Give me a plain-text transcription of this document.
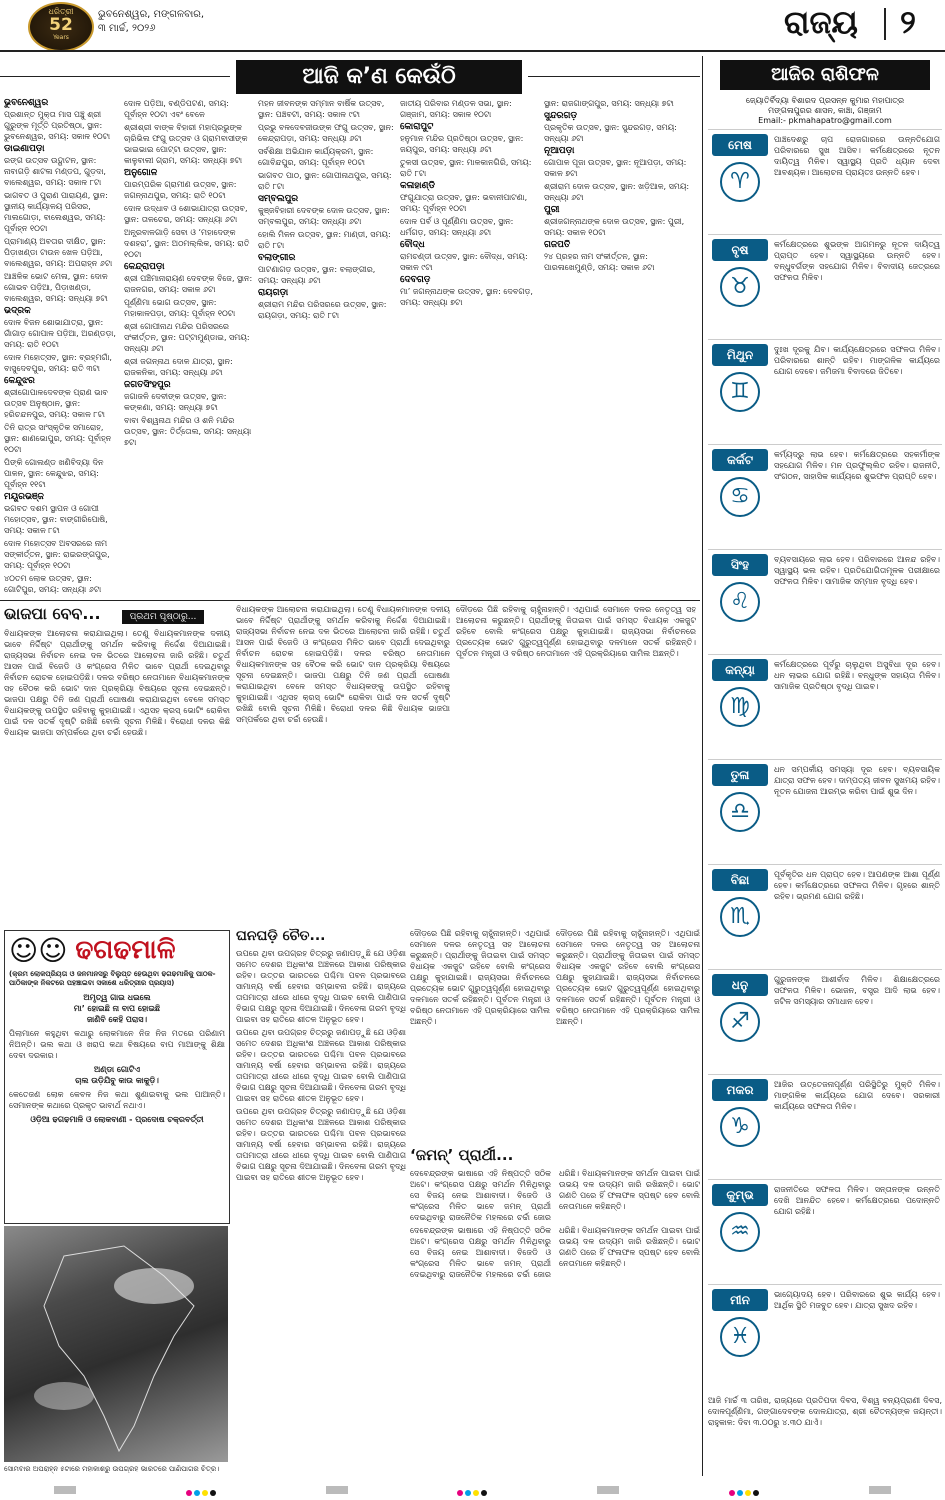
ଧରିତ୍ରୀ
52
Years
ଭୁବନେଶ୍ୱର, ମଙ୍ଗଳବାର,
୩ ମାର୍ଚ୍ଚ, ୨୦୨୬	ରାଜ୍ୟ ୨
ଆଜି କ’ଣ କେଉଁଠି
ଭୁବନେଶ୍ୱର
ପ୍ରଶାନ୍ତ ମୁକ୍ତା ମାସ ପଞ୍ଚୁ ଶ୍ରୀ ଗୁରୁଙ୍କ ମୂର୍ତ୍ତି ପ୍ରତିଷ୍ଠା, ସ୍ଥାନ: ଭୁବନେଶ୍ୱର, ସମୟ: ସକାଳ ୧୦ଟା
ଡାଇଣାପଡ଼ା
ରଙ୍ଗ ଉତ୍ସବ ଉଦ୍ଘାଟନ, ସ୍ଥାନ: ନାବାଗଡ଼ି ଶାଟଳା ମଣ୍ଡପ, ଗୁଡ଼ଦା, ବାଲେଶ୍ୱର, ସମୟ: ସକାଳ ୮ଟା
ଭାଗବତ ଓ ପୁରାଣ ପାରାୟଣ, ସ୍ଥାନ: ସ୍ଥାନୀୟ କାର୍ଯ୍ୟାଳୟ ପରିସର, ମାଲଗୋଡ଼ା, ବାଲେଶ୍ୱର, ସମୟ: ପୂର୍ବାହ୍ନ ୧୦ଟା
ପ୍ରାମାଣ୍ୟ ଅବତାର ଦୀକ୍ଷିତ, ସ୍ଥାନ: ପିଡ଼ାଖଣ୍ଡା ଟାଉନ ଖେଳ ପଡ଼ିଆ, ବାଲେଶ୍ୱର, ସମୟ: ଅପରାହ୍ନ ୬ଟା
ଆଞ୍ଚଳିକ ଭୋଟ ମେଳା, ସ୍ଥାନ: ଦୋଳ ଗୋଭବ ପଡ଼ିଆ, ପିଡ଼ାଖଣ୍ଡା, ବାଲେଶ୍ୱର, ସମୟ: ସନ୍ଧ୍ୟା ୭ଟା
ଭଦ୍ରକ
ଦୋଳ ବିଜନ ଶୋଭାଯାତ୍ରା, ସ୍ଥାନ: ଗାଁଗାଡ଼ ଗୋପାଳ ପଡ଼ିଆ, ଅରଣ୍ଡଡ଼ା, ସମୟ: ରାତି ୧୦ଟା
ଦୋଳ ମହୋତ୍ସବ, ସ୍ଥାନ: ବ୍ରହ୍ମଗାଁ, ବାସୁଦେବପୁର, ସମୟ: ରାତି ୩ଟା
କେନ୍ଦୁଝର
ଶ୍ରୀଗୋପାଳଦେବଙ୍କ ପ୍ରାଣ ଭାବ ଉତ୍ସବ ଅନୁଷ୍ଠାନ, ସ୍ଥାନ: ହରିଚନ୍ଦନପୁର, ସମୟ: ସକାଳ ୮ଟା
ତିନି ରାତ୍ର ସାଂସ୍କୃତିକ ସମାରୋହ, ସ୍ଥାନ: ଶାଣଭୋପୁର, ସମୟ: ପୂର୍ବାହ୍ନ ୧୦ଟା
ପିଙ୍କି ଗୋଲଣ୍ଡ ଖଣିବିଦ୍ୟା ଦିନ ପାଳନ, ସ୍ଥାନ: କେନ୍ଦୁଝର, ସମୟ: ପୂର୍ବାହ୍ନ ୧୧ଟା
ମୟୂରଭଞ୍ଜ
ଭଗବତ ଦଶମ ସ୍ଥାପନ ଓ ଗୋପୀ ମହୋତ୍ସବ, ସ୍ଥାନ: ବାଙ୍ଗୀରିପୋଷି, ସମୟ: ସକାଳ ୮ଟା
ଦୋଳ ମହୋତ୍ସବ ଅବସରରେ ନାମ ସଙ୍କୀର୍ତ୍ତନ, ସ୍ଥାନ: ରାଇରଙ୍ଗପୁର, ସମୟ: ପୂର୍ବାହ୍ନ ୧୦ଟା
୪୦ତମ ଲୋକ ଉତ୍ସବ, ସ୍ଥାନ: ଗୋଟିପୁର, ସମୟ: ସନ୍ଧ୍ୟା ୬ଟା
ଦୋଳ ପଡ଼ିଆ, ବଣ୍ଡିପଟଣ, ସମୟ: ପୂର୍ବାହ୍ନ ୧୦ଟା ଏବଂ ବେଳେ
ଶ୍ରୀଶ୍ରୀ ବାଙ୍କ ବିହାରୀ ମହାପ୍ରଭୁଙ୍କ ଚାରିଭିଲ ଫଗୁ ଉତ୍ସବ ଓ ଗ୍ରାମବାସୀଙ୍କ ଭାଇଭାଇ ପୋଟ୍ଟା ଉତ୍ସବ, ସ୍ଥାନ: କାଳୁବାଲୀ ଗ୍ରାମ, ସମୟ: ସନ୍ଧ୍ୟା ୭ଟା
ଅନୁଗୋଳ
ପାରମ୍ପରିକ ଗ୍ରାମୀଣ ଉତ୍ସବ, ସ୍ଥାନ: ଜଗନ୍ନାଥପୁର, ସମୟ: ରାତି ୧୦ଟା
ଦୋଳ ଉଦ୍ଧାବ ଓ ଶୋଭାଯାତ୍ରା ଉତ୍ସବ, ସ୍ଥାନ: ତାଳଚେର, ସମୟ: ସନ୍ଧ୍ୟା ୬ଟା
ଅନ୍ଧ୍ରବାଳଗାଡ଼ି ସେବା ଓ ‘ମହାଦେଙ୍କ ଦଶହରା’, ସ୍ଥାନ: ଅଠମଲ୍ଲିକ, ସମୟ: ରାତି ୧୦ଟା
କେନ୍ଦ୍ରାପଡ଼ା
ଶ୍ରୀ ପଞ୍ଚିମାନାରାୟଣ ଦେବଙ୍କ ବିଜେ, ସ୍ଥାନ: ରାଜନଗର, ସମୟ: ସକାଳ ୬ଟା
ପୂର୍ଣ୍ଣିମା ଭୋଗ ଉତ୍ସବ, ସ୍ଥାନ: ମହାକାଳପଡ଼ା, ସମୟ: ପୂର୍ବାହ୍ନ ୧୦ଟା
ଶ୍ରୀ ଗୋପୀନାଥ ମନ୍ଦିର ପରିସରରେ ସଂକୀର୍ତ୍ତନ, ସ୍ଥାନ: ପଟ୍ଟାମୁଣ୍ଡାଇ, ସମୟ: ସନ୍ଧ୍ୟା ୬ଟା
ଶ୍ରୀ ଜଗନ୍ନାଥ ଦୋଳ ଯାତ୍ରା, ସ୍ଥାନ: ରାଜକନିକା, ସମୟ: ସନ୍ଧ୍ୟା ୬ଟା
ଜଗତସିଂହପୁର
ଜଗାଜଳି ଦେବୀଙ୍କ ଉତ୍ସବ, ସ୍ଥାନ: କଙ୍କଣା, ସମୟ: ସନ୍ଧ୍ୟା ୭ଟା
ବାବା ବିଶ୍ୱନାଥ ମନ୍ଦିର ଓ ଶନି ମନ୍ଦିର ଉତ୍ସବ, ସ୍ଥାନ: ତିର୍ତ୍ତୋଲ, ସମୟ: ସନ୍ଧ୍ୟା ୭ଟା
ମହନ ଜୀବନଙ୍କ ସମ୍ମାନ ବାର୍ଷିକ ଉତ୍ସବ, ସ୍ଥାନ: ପଞ୍ଚବଟୀ, ସମୟ: ସକାଳ ୯ଟା
ପ୍ରଭୁ ବଳଦେବଜୀଉଙ୍କ ଫଗୁ ଉତ୍ସବ, ସ୍ଥାନ: କେନ୍ଦ୍ରାପଡ଼ା, ସମୟ: ସନ୍ଧ୍ୟା ୬ଟା
ସର୍ବଶିକ୍ଷା ଅଭିଯାନ କାର୍ଯ୍ୟକ୍ରମ, ସ୍ଥାନ: ଗୋବିନ୍ଦପୁର, ସମୟ: ପୂର୍ବାହ୍ନ ୧୦ଟା
ଭାଗବତ ପାଠ, ସ୍ଥାନ: ଗୋପୀନାଥପୁର, ସମୟ: ରାତି ୮ଟା
ସମ୍ବଲପୁର
କୁଞ୍ଜବିହାରୀ ଦେବଙ୍କ ଦୋଳ ଉତ୍ସବ, ସ୍ଥାନ: ସମ୍ବଲପୁର, ସମୟ: ସନ୍ଧ୍ୟା ୬ଟା
ହୋଲି ମିଳନ ଉତ୍ସବ, ସ୍ଥାନ: ମାଣ୍ଡୀ, ସମୟ: ରାତି ୮ଟା
ବଲାଙ୍ଗୀର
ପାଟଣାଗଡ଼ ଉତ୍ସବ, ସ୍ଥାନ: ବଲାଙ୍ଗୀର, ସମୟ: ସନ୍ଧ୍ୟା ୬ଟା
ରାୟଗଡ଼ା
ଶ୍ରୀରାମ ମନ୍ଦିର ପରିସରରେ ଉତ୍ସବ, ସ୍ଥାନ: ରାୟଗଡ଼ା, ସମୟ: ରାତି ୮ଟା
ଜାତୀୟ ପରିବାର ମଣ୍ଡଳ ସଭା, ସ୍ଥାନ: ଗଞ୍ଜାମ, ସମୟ: ସକାଳ ୧୦ଟା
କୋରାପୁଟ
ହନୁମାନ ମନ୍ଦିର ପ୍ରତିଷ୍ଠା ଉତ୍ସବ, ସ୍ଥାନ: ଜୟପୁର, ସମୟ: ସନ୍ଧ୍ୟା ୬ଟା
ତୁଳସୀ ଉତ୍ସବ, ସ୍ଥାନ: ମାଳକାନଗିରି, ସମୟ: ରାତି ୮ଟା
କଳାହାଣ୍ଡି
ଫଗୁଯାତ୍ରା ଉତ୍ସବ, ସ୍ଥାନ: ଭବାନୀପାଟଣା, ସମୟ: ପୂର୍ବାହ୍ନ ୧୦ଟା
ଦୋଳ ପର୍ବ ଓ ପୂର୍ଣ୍ଣିମା ଉତ୍ସବ, ସ୍ଥାନ: ଧର୍ମଗଡ଼, ସମୟ: ସନ୍ଧ୍ୟା ୬ଟା
ବୌଦ୍ଧ
ରାମଚଣ୍ଡୀ ଉତ୍ସବ, ସ୍ଥାନ: ବୌଦ୍ଧ, ସମୟ: ସକାଳ ୯ଟା
ଦେବଗଡ଼
ମା’ ଜଗନ୍ନାଥଙ୍କ ଉତ୍ସବ, ସ୍ଥାନ: ଦେବଗଡ଼, ସମୟ: ସନ୍ଧ୍ୟା ୭ଟା
ସ୍ଥାନ: ରାଜଗାଙ୍ଗପୁର, ସମୟ: ସନ୍ଧ୍ୟା ୭ଟା
ସୁନ୍ଦରଗଡ଼
ପ୍ରକୃତିକ ଉତ୍ସବ, ସ୍ଥାନ: ସୁନ୍ଦରଗଡ଼, ସମୟ: ସନ୍ଧ୍ୟା ୬ଟା
ନୂଆପଡ଼ା
ଗୋପାଳ ପୂଜା ଉତ୍ସବ, ସ୍ଥାନ: ନୂଆପଡ଼ା, ସମୟ: ସକାଳ ୭ଟା
ଶ୍ରୀରାମ ଦୋଳ ଉତ୍ସବ, ସ୍ଥାନ: ଖଡ଼ିଆଳ, ସମୟ: ସନ୍ଧ୍ୟା ୬ଟା
ପୁରୀ
ଶ୍ରୀଜଗନ୍ନାଥଙ୍କ ଦୋଳ ଉତ୍ସବ, ସ୍ଥାନ: ପୁରୀ, ସମୟ: ସକାଳ ୧୦ଟା
ଗଜପତି
୨୪ ପ୍ରହର ନାମ ସଂକୀର୍ତ୍ତନ, ସ୍ଥାନ: ପାରଳାଖେମୁଣ୍ଡି, ସମୟ: ସକାଳ ୬ଟା
ଆଜିର ରାଶିଫଳ
ଜ୍ୟୋତିର୍ବିଦ୍ୟା ବିଶାରଦ ପ୍ରସନ୍ନ କୁମାର ମହାପାତ୍ର
ମଙ୍ଗଳାପୁରର ଶାସନ, କାଞ୍ଚା, ଗଞ୍ଜାମ
Email:- pkmahapatro@gmail.com
ମେଷ
♈
ପାଞ୍ଚଦେଶରୁ ଚାପ ରୋଜଗାରରେ ଉନ୍ନତିଯୋଗ ପରିବାରରେ ସୁଖ ଆସିବ। କର୍ମକ୍ଷେତ୍ରରେ ନୂତନ ଦାୟିତ୍ୱ ମିଳିବ। ସ୍ୱାସ୍ଥ୍ୟ ପ୍ରତି ଧ୍ୟାନ ଦେବା ଆବଶ୍ୟକ। ଆଲୋଚନା ପ୍ରାୟତଃ ଉନ୍ନତି ହେବ।
ବୃଷ
♉
କର୍ମକ୍ଷେତ୍ରରେ ଶୁଭଙ୍କ ଆଗମନରୁ ନୂତନ ଦାୟିତ୍ୱ ପ୍ରାପ୍ତ ହେବ। ସ୍ୱାସ୍ଥ୍ୟରେ ଉନ୍ନତି ହେବ। ବନ୍ଧୁବର୍ଗଙ୍କ ସହଯୋଗ ମିଳିବ। ବିବାଦୀୟ ଜେତ୍ରରେ ସଫଳତା ମିଳିବ।
ମିଥୁନ
♊
ଦୁଃଖ ଦୂରକୁ ଯିବ। କାର୍ଯ୍ୟକ୍ଷେତ୍ରରେ ସଫଳତା ମିଳିବ। ପରିବାରରେ ଶାନ୍ତି ରହିବ। ମାଙ୍ଗଳିକ କାର୍ଯ୍ୟରେ ଯୋଗ ଦେବେ। ଜମିଜମା ବିବାଦରେ ଜିତିବେ।
କର୍କଟ
♋
କର୍ମ୍ୟଦ୍ରୁ ଲାଭ ହେବ। କର୍ମକ୍ଷେତ୍ରରେ ସହକର୍ମୀଙ୍କ ସହଯୋଗ ମିଳିବ। ମନ ପ୍ରଫୁଲ୍ଲିତ ରହିବ। ରାଜନୀତି, ସଂଗଠନ, ସାହାସିକ କାର୍ଯ୍ୟରେ ଶୁଭଫଳ ପ୍ରାପ୍ତି ହେବ।
ସିଂହ
♌
ବ୍ୟବସାୟରେ ଲାଭ ହେବ। ପରିବାରରେ ଆନନ୍ଦ ରହିବ। ସ୍ୱାସ୍ଥ୍ୟ ଭଲ ରହିବ। ପ୍ରତିଯୋଗିତାମୂଳକ ପରୀକ୍ଷାରେ ସଫଳତା ମିଳିବ। ସାମାଜିକ ସମ୍ମାନ ବୃଦ୍ଧି ହେବ।
କନ୍ୟା
♍
କର୍ମକ୍ଷେତ୍ରରେ ପୂର୍ବରୁ ଚାଲୁଥିବା ଅସୁବିଧା ଦୂର ହେବ। ଧନ ଲାଭର ଯୋଗ ରହିଛି। ବନ୍ଧୁଙ୍କ ସହାୟତା ମିଳିବ। ସାମାଜିକ ପ୍ରତିଷ୍ଠା ବୃଦ୍ଧି ପାଇବ।
ତୁଳା
♎
ଧନ ସମ୍ପର୍କୀୟ ସମସ୍ୟା ଦୂର ହେବ। ବ୍ୟବସାୟିକ ଯାତ୍ରା ସଫଳ ହେବ। ଦାମ୍ପତ୍ୟ ଜୀବନ ସୁଖମୟ ରହିବ। ନୂତନ ଯୋଜନା ଆରମ୍ଭ କରିବା ପାଇଁ ଶୁଭ ଦିନ।
ବିଛା
♏
ପୂର୍ବକୃତିର ଧନ ପ୍ରାପ୍ତ ହେବ। ଆପଣଙ୍କ ଆଶା ପୂର୍ଣ୍ଣ ହେବ। କର୍ମକ୍ଷେତ୍ରରେ ସଫଳତା ମିଳିବ। ଗୃହରେ ଶାନ୍ତି ରହିବ। ଭ୍ରମଣ ଯୋଗ ରହିଛି।
ଧନୁ
♐
ଗୁରୁଜନଙ୍କ ଆଶୀର୍ବାଦ ମିଳିବ। ଶିକ୍ଷାକ୍ଷେତ୍ରରେ ସଫଳତା ମିଳିବ। ଭୋଜନ, ବସ୍ତ୍ର ଆଦି ଲାଭ ହେବ। ଜଟିଳ ସମସ୍ୟାର ସମାଧାନ ହେବ।
ମକର
♑
ଆଜିର ଉତ୍ତେଜନାପୂର୍ଣ୍ଣ ପରିସ୍ଥିତିରୁ ମୁକ୍ତି ମିଳିବ। ମାଙ୍ଗଳିକ କାର୍ଯ୍ୟରେ ଯୋଗ ଦେବେ। ସରକାରୀ କାର୍ଯ୍ୟରେ ସଫଳତା ମିଳିବ।
କୁମ୍ଭ
♒
ରାଜନୀତିରେ ସଫଳତା ମିଳିବ। ସନ୍ତାନଙ୍କ ଉନ୍ନତି ଦେଖି ଆନନ୍ଦିତ ହେବେ। କର୍ମକ୍ଷେତ୍ରରେ ପଦୋନ୍ନତି ଯୋଗ ରହିଛି।
ମୀନ
♓
ଭାଗ୍ୟୋଦୟ ହେବ। ପରିବାରରେ ଶୁଭ କାର୍ଯ୍ୟ ହେବ। ଆର୍ଥିକ ସ୍ଥିତି ମଜବୁତ ହେବ। ଯାତ୍ରା ସୁଖଦ ରହିବ।
ଆଜି ମାର୍ଚ୍ଚ ୩ ତାରିଖ, ରାଜ୍ୟରେ ପ୍ରତିପଦା ଦିବସ, ବିଶ୍ୱ ବନ୍ୟପ୍ରାଣୀ ଦିବସ, ଦୋଳପୂର୍ଣ୍ଣିମା, ଗଙ୍ଗାଦେବଙ୍କ ଦୋଳଯାତ୍ରା, ଶ୍ରୀ ଚୈତନ୍ୟଙ୍କ ଜୟନ୍ତୀ। ରାହୁକାଳ: ଦିବା ୩.୦୦ରୁ ୪.୩୦ ଯାଏଁ।
ଭାଜପା ବେବ...	ପ୍ରଥମ ପୃଷ୍ଠାରୁ...
ବିଧାୟକଙ୍କ ଆଲୋଚନା କରାଯାଇଥିଲା। ତେଣୁ ବିଧାୟକମାନଙ୍କ ଦଳୀୟ ଭାବେ ନିର୍ଦ୍ଦିଷ୍ଟ ପ୍ରାର୍ଥୀଙ୍କୁ ସମର୍ଥନ କରିବାକୁ ନିର୍ଦ୍ଦେଶ ଦିଆଯାଇଛି। ରାଜ୍ୟସଭା ନିର୍ବାଚନ ନେଇ ଦଳ ଭିତରେ ଆଲୋଚନା ଜାରି ରହିଛି। ଚତୁର୍ଥ ଆସନ ପାଇଁ ବିଜେଡି ଓ କଂଗ୍ରେସ ମିଳିତ ଭାବେ ପ୍ରାର୍ଥୀ ଦେଇଥିବାରୁ ନିର୍ବାଚନ ରୋଚକ ହୋଇପଡ଼ିଛି। ଦଳର ବରିଷ୍ଠ ନେତାମାନେ ବିଧାୟକମାନଙ୍କ ସହ ବୈଠକ କରି ଭୋଟ ଦାନ ପ୍ରକ୍ରିୟା ବିଷୟରେ ସୂଚନା ଦେଇଛନ୍ତି। ଭାଜପା ପକ୍ଷରୁ ତିନି ଜଣ ପ୍ରାର୍ଥୀ ଘୋଷଣା କରାଯାଇଥିବା ବେଳେ ସମସ୍ତ ବିଧାୟକଙ୍କୁ ଉପସ୍ଥିତ ରହିବାକୁ କୁହାଯାଇଛି। ଏଥିସହ କ୍ରସ୍ ଭୋଟିଂ ରୋକିବା ପାଇଁ ଦଳ ସତର୍କ ଦୃଷ୍ଟି ରଖିଛି ବୋଲି ସୂଚନା ମିଳିଛି। ବିରୋଧୀ ଦଳର କିଛି ବିଧାୟକ ଭାଜପା ସମ୍ପର୍କରେ ଥିବା ଚର୍ଚ୍ଚା ହେଉଛି।
ବିଧାୟକଙ୍କ ଆଲୋଚନା କରାଯାଇଥିଲା। ତେଣୁ ବିଧାୟକମାନଙ୍କ ଦଳୀୟ ଭାବେ ନିର୍ଦ୍ଦିଷ୍ଟ ପ୍ରାର୍ଥୀଙ୍କୁ ସମର୍ଥନ କରିବାକୁ ନିର୍ଦ୍ଦେଶ ଦିଆଯାଇଛି। ରାଜ୍ୟସଭା ନିର୍ବାଚନ ନେଇ ଦଳ ଭିତରେ ଆଲୋଚନା ଜାରି ରହିଛି। ଚତୁର୍ଥ ଆସନ ପାଇଁ ବିଜେଡି ଓ କଂଗ୍ରେସ ମିଳିତ ଭାବେ ପ୍ରାର୍ଥୀ ଦେଇଥିବାରୁ ନିର୍ବାଚନ ରୋଚକ ହୋଇପଡ଼ିଛି। ଦଳର ବରିଷ୍ଠ ନେତାମାନେ ବିଧାୟକମାନଙ୍କ ସହ ବୈଠକ କରି ଭୋଟ ଦାନ ପ୍ରକ୍ରିୟା ବିଷୟରେ ସୂଚନା ଦେଇଛନ୍ତି। ଭାଜପା ପକ୍ଷରୁ ତିନି ଜଣ ପ୍ରାର୍ଥୀ ଘୋଷଣା କରାଯାଇଥିବା ବେଳେ ସମସ୍ତ ବିଧାୟକଙ୍କୁ ଉପସ୍ଥିତ ରହିବାକୁ କୁହାଯାଇଛି। ଏଥିସହ କ୍ରସ୍ ଭୋଟିଂ ରୋକିବା ପାଇଁ ଦଳ ସତର୍କ ଦୃଷ୍ଟି ରଖିଛି ବୋଲି ସୂଚନା ମିଳିଛି। ବିରୋଧୀ ଦଳର କିଛି ବିଧାୟକ ଭାଜପା ସମ୍ପର୍କରେ ଥିବା ଚର୍ଚ୍ଚା ହେଉଛି।
ଦୌଡ଼ରେ ପିଛି ରହିବାକୁ ଚାହୁଁନାହାନ୍ତି। ଏଥିପାଇଁ ସେମାନେ ଦଳର ନେତୃତ୍ୱ ସହ ଆଲୋଚନା କରୁଛନ୍ତି। ପ୍ରାର୍ଥୀଙ୍କୁ ଜିତାଇବା ପାଇଁ ସମସ୍ତ ବିଧାୟକ ଏକଜୁଟ ରହିବେ ବୋଲି କଂଗ୍ରେସ ପକ୍ଷରୁ କୁହାଯାଇଛି। ରାଜ୍ୟସଭା ନିର୍ବାଚନରେ ପ୍ରତ୍ୟେକ ଭୋଟ ଗୁରୁତ୍ୱପୂର୍ଣ୍ଣ ହୋଇଥିବାରୁ ଦଳମାନେ ସତର୍କ ରହିଛନ୍ତି। ପୂର୍ବତନ ମନ୍ତ୍ରୀ ଓ ବରିଷ୍ଠ ନେତାମାନେ ଏହି ପ୍ରକ୍ରିୟାରେ ସାମିଲ ଅଛନ୍ତି।
☺☺ ଢଗଢମାଳି
(କ୍ରମ ଲୋକପ୍ରିୟତା ଓ ଜନମାନସରୁ ବିଲୁପ୍ତ ହେଉଥିବା ଢଗଢମାଳିକୁ ପାଠକ-ପାଠିକାଙ୍କ ନିକଟରେ ପହଞ୍ଚାଇବା ସକାଶେ ଧରିତ୍ରୀର ପ୍ରୟାସ)
ଅମୃତ୍ୱ ଗାଇ ଧଇଲେ
ମା’ ହୋଇଛି ନା ବାପ ହୋଇଛି
ଜାଣିବି କେହି ପରାସ।
ପିଲାମାନେ କହୁଥିବା କଥାରୁ ଲୋକମାନେ ନିଜ ନିଜ ମତରେ ପରିଣାମ ନିଅନ୍ତି। ଭଲ କଥା ଓ ଖରାପ କଥା ବିଷୟରେ ବାପ ମାଆଙ୍କୁ ଶିକ୍ଷା ଦେବା ଦରକାର।
ଅଣ୍ଡା ଗୋଟିଏ
ଚାଲ ଉଡ଼ିଯିବୁ କାଉ କାକୁଡ଼ି।
କେତେଜଣ ଲୋକ କେବଳ ନିଜ କଥା ଶୁଣାଇବାକୁ ଭଲ ପାଆନ୍ତି। ସେମାନଙ୍କ କଥାରେ ପ୍ରକୃତ ଭାବାର୍ଥ ନଥାଏ।
ଓଡ଼ିଆ ଢଗଢମାଳି ଓ ଲୋକବାଣୀ - ପ୍ରଦୋଷ ଚକ୍ରବର୍ତ୍ତୀ
ସୋମବାର ଅପରାହ୍ନ ୫ଟାରେ ମହାକାଶରୁ ଉପଗ୍ରହ ଭାରତରେ ପାଣିପାଗର ଚିତ୍ର।
ଘନଘଡ଼ି ଚୈତ...
ଉପରେ ଥିବା ଉପଗ୍ରହ ଚିତ୍ରରୁ ଜଣାପଡ଼ୁଛି ଯେ ଓଡ଼ିଶା ସମେତ ଦେଶର ଅଧିକାଂଶ ଅଞ୍ଚଳରେ ଆକାଶ ପରିଷ୍କାର ରହିବ। ଉତ୍ତର ଭାରତରେ ପଶ୍ଚିମା ପବନ ପ୍ରଭାବରେ ସାମାନ୍ୟ ବର୍ଷା ହେବାର ସମ୍ଭାବନା ରହିଛି। ରାଜ୍ୟରେ ତାପମାତ୍ରା ଧୀରେ ଧୀରେ ବୃଦ୍ଧି ପାଇବ ବୋଲି ପାଣିପାଗ ବିଭାଗ ପକ୍ଷରୁ ସୂଚନା ଦିଆଯାଇଛି। ଦିନବେଳା ଗରମ ବୃଦ୍ଧି ପାଇବା ସହ ରାତିରେ ଶୀତଳ ଅନୁଭୂତ ହେବ।
ଉପରେ ଥିବା ଉପଗ୍ରହ ଚିତ୍ରରୁ ଜଣାପଡ଼ୁଛି ଯେ ଓଡ଼ିଶା ସମେତ ଦେଶର ଅଧିକାଂଶ ଅଞ୍ଚଳରେ ଆକାଶ ପରିଷ୍କାର ରହିବ। ଉତ୍ତର ଭାରତରେ ପଶ୍ଚିମା ପବନ ପ୍ରଭାବରେ ସାମାନ୍ୟ ବର୍ଷା ହେବାର ସମ୍ଭାବନା ରହିଛି। ରାଜ୍ୟରେ ତାପମାତ୍ରା ଧୀରେ ଧୀରେ ବୃଦ୍ଧି ପାଇବ ବୋଲି ପାଣିପାଗ ବିଭାଗ ପକ୍ଷରୁ ସୂଚନା ଦିଆଯାଇଛି। ଦିନବେଳା ଗରମ ବୃଦ୍ଧି ପାଇବା ସହ ରାତିରେ ଶୀତଳ ଅନୁଭୂତ ହେବ।
ଉପରେ ଥିବା ଉପଗ୍ରହ ଚିତ୍ରରୁ ଜଣାପଡ଼ୁଛି ଯେ ଓଡ଼ିଶା ସମେତ ଦେଶର ଅଧିକାଂଶ ଅଞ୍ଚଳରେ ଆକାଶ ପରିଷ୍କାର ରହିବ। ଉତ୍ତର ଭାରତରେ ପଶ୍ଚିମା ପବନ ପ୍ରଭାବରେ ସାମାନ୍ୟ ବର୍ଷା ହେବାର ସମ୍ଭାବନା ରହିଛି। ରାଜ୍ୟରେ ତାପମାତ୍ରା ଧୀରେ ଧୀରେ ବୃଦ୍ଧି ପାଇବ ବୋଲି ପାଣିପାଗ ବିଭାଗ ପକ୍ଷରୁ ସୂଚନା ଦିଆଯାଇଛି। ଦିନବେଳା ଗରମ ବୃଦ୍ଧି ପାଇବା ସହ ରାତିରେ ଶୀତଳ ଅନୁଭୂତ ହେବ।
ଦୌଡ଼ରେ ପିଛି ରହିବାକୁ ଚାହୁଁନାହାନ୍ତି। ଏଥିପାଇଁ ସେମାନେ ଦଳର ନେତୃତ୍ୱ ସହ ଆଲୋଚନା କରୁଛନ୍ତି। ପ୍ରାର୍ଥୀଙ୍କୁ ଜିତାଇବା ପାଇଁ ସମସ୍ତ ବିଧାୟକ ଏକଜୁଟ ରହିବେ ବୋଲି କଂଗ୍ରେସ ପକ୍ଷରୁ କୁହାଯାଇଛି। ରାଜ୍ୟସଭା ନିର୍ବାଚନରେ ପ୍ରତ୍ୟେକ ଭୋଟ ଗୁରୁତ୍ୱପୂର୍ଣ୍ଣ ହୋଇଥିବାରୁ ଦଳମାନେ ସତର୍କ ରହିଛନ୍ତି। ପୂର୍ବତନ ମନ୍ତ୍ରୀ ଓ ବରିଷ୍ଠ ନେତାମାନେ ଏହି ପ୍ରକ୍ରିୟାରେ ସାମିଲ ଅଛନ୍ତି।
‘ଜମନ୍’ ପ୍ରାର୍ଥୀ...
ଦେବେନ୍ଦ୍ରଙ୍କ ଭାଷାରେ ଏହି ନିଷ୍ପତ୍ତି ସଠିକ ଅଟେ। କଂଗ୍ରେସ ପକ୍ଷରୁ ସମର୍ଥନ ମିଳିଥିବାରୁ ସେ ବିଜୟ ନେଇ ଆଶାବାଦୀ। ବିଜେଡି ଓ କଂଗ୍ରେସ ମିଳିତ ଭାବେ ଜମନ୍ ପ୍ରାର୍ଥୀ ଦେଇଥିବାରୁ ରାଜନୈତିକ ମହଲରେ ଚର୍ଚ୍ଚା ଜୋର ଧରିଛି। ବିଧାୟକମାନଙ୍କ ସମର୍ଥନ ପାଇବା ପାଇଁ ଉଭୟ ଦଳ ଉଦ୍ୟମ ଜାରି ରଖିଛନ୍ତି। ଭୋଟ ଗଣତି ପରେ ହିଁ ଫଳାଫଳ ସ୍ପଷ୍ଟ ହେବ ବୋଲି ନେତାମାନେ କହିଛନ୍ତି।
ଦେବେନ୍ଦ୍ରଙ୍କ ଭାଷାରେ ଏହି ନିଷ୍ପତ୍ତି ସଠିକ ଅଟେ। କଂଗ୍ରେସ ପକ୍ଷରୁ ସମର୍ଥନ ମିଳିଥିବାରୁ ସେ ବିଜୟ ନେଇ ଆଶାବାଦୀ। ବିଜେଡି ଓ କଂଗ୍ରେସ ମିଳିତ ଭାବେ ଜମନ୍ ପ୍ରାର୍ଥୀ ଦେଇଥିବାରୁ ରାଜନୈତିକ ମହଲରେ ଚର୍ଚ୍ଚା ଜୋର ଧରିଛି। ବିଧାୟକମାନଙ୍କ ସମର୍ଥନ ପାଇବା ପାଇଁ ଉଭୟ ଦଳ ଉଦ୍ୟମ ଜାରି ରଖିଛନ୍ତି। ଭୋଟ ଗଣତି ପରେ ହିଁ ଫଳାଫଳ ସ୍ପଷ୍ଟ ହେବ ବୋଲି ନେତାମାନେ କହିଛନ୍ତି।
ଦୌଡ଼ରେ ପିଛି ରହିବାକୁ ଚାହୁଁନାହାନ୍ତି। ଏଥିପାଇଁ ସେମାନେ ଦଳର ନେତୃତ୍ୱ ସହ ଆଲୋଚନା କରୁଛନ୍ତି। ପ୍ରାର୍ଥୀଙ୍କୁ ଜିତାଇବା ପାଇଁ ସମସ୍ତ ବିଧାୟକ ଏକଜୁଟ ରହିବେ ବୋଲି କଂଗ୍ରେସ ପକ୍ଷରୁ କୁହାଯାଇଛି। ରାଜ୍ୟସଭା ନିର୍ବାଚନରେ ପ୍ରତ୍ୟେକ ଭୋଟ ଗୁରୁତ୍ୱପୂର୍ଣ୍ଣ ହୋଇଥିବାରୁ ଦଳମାନେ ସତର୍କ ରହିଛନ୍ତି। ପୂର୍ବତନ ମନ୍ତ୍ରୀ ଓ ବରିଷ୍ଠ ନେତାମାନେ ଏହି ପ୍ରକ୍ରିୟାରେ ସାମିଲ ଅଛନ୍ତି।
